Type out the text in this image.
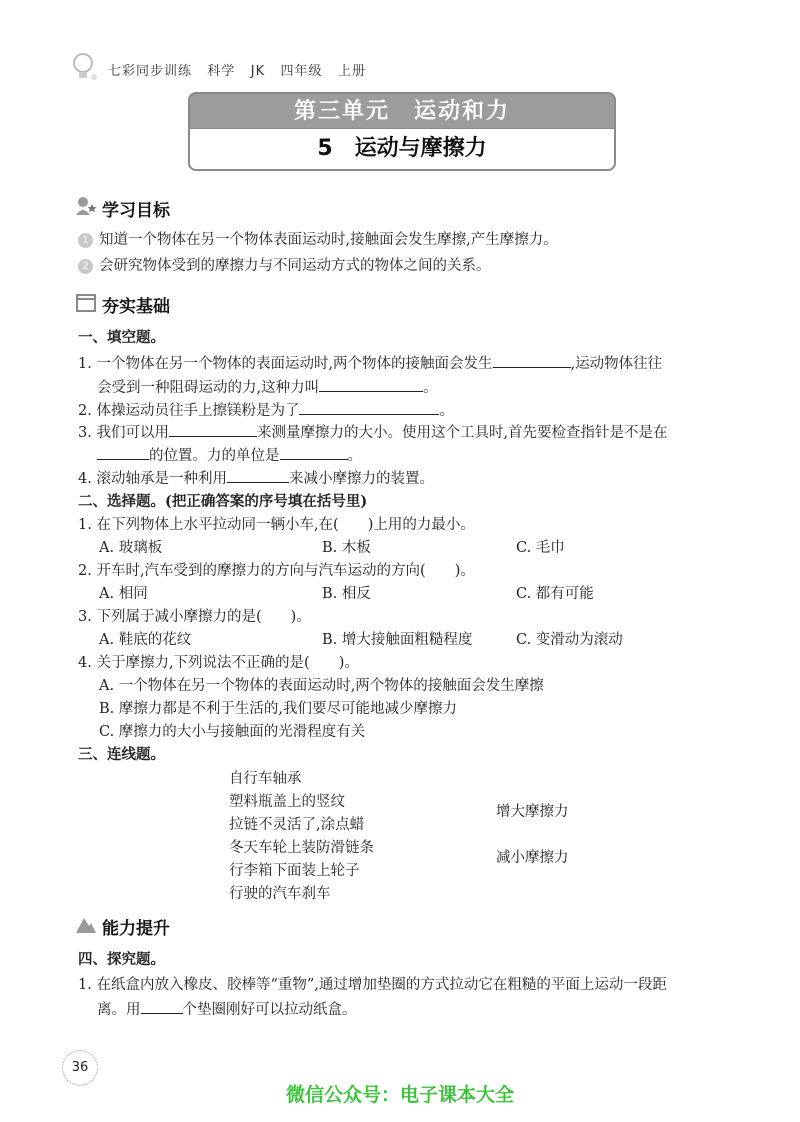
七彩同步训练   科学   JK   四年级   上册
第三单元　运动和力
5　运动与摩擦力
学习目标
1 知道一个物体在另一个物体表面运动时,接触面会发生摩擦,产生摩擦力。
2 会研究物体受到的摩擦力与不同运动方式的物体之间的关系。
夯实基础
一、填空题。
1. 一个物体在另一个物体的表面运动时,两个物体的接触面会发生	,运动物体往往
会受到一种阻碍运动的力,这种力叫	。
2. 体操运动员往手上擦镁粉是为了	。
3. 我们可以用	来测量摩擦力的大小。使用这个工具时,首先要检查指针是不是在
的位置。力的单位是	。
4. 滚动轴承是一种利用	来减小摩擦力的装置。
二、选择题。(把正确答案的序号填在括号里)
1. 在下列物体上水平拉动同一辆小车,在(　　)上用的力最小。
A. 玻璃板	B. 木板	C. 毛巾
2. 开车时,汽车受到的摩擦力的方向与汽车运动的方向(　　)。
A. 相同	B. 相反	C. 都有可能
3. 下列属于减小摩擦力的是(　　)。
A. 鞋底的花纹	B. 增大接触面粗糙程度	C. 变滑动为滚动
4. 关于摩擦力,下列说法不正确的是(　　)。
A. 一个物体在另一个物体的表面运动时,两个物体的接触面会发生摩擦
B. 摩擦力都是不利于生活的,我们要尽可能地减少摩擦力
C. 摩擦力的大小与接触面的光滑程度有关
三、连线题。
自行车轴承
塑料瓶盖上的竖纹
拉链不灵活了,涂点蜡
冬天车轮上装防滑链条
行李箱下面装上轮子
行驶的汽车刹车
增大摩擦力
减小摩擦力
能力提升
四、探究题。
1. 在纸盒内放入橡皮、胶棒等“重物”,通过增加垫圈的方式拉动它在粗糙的平面上运动一段距
离。用	个垫圈刚好可以拉动纸盒。
36
微信公众号：电子课本大全
